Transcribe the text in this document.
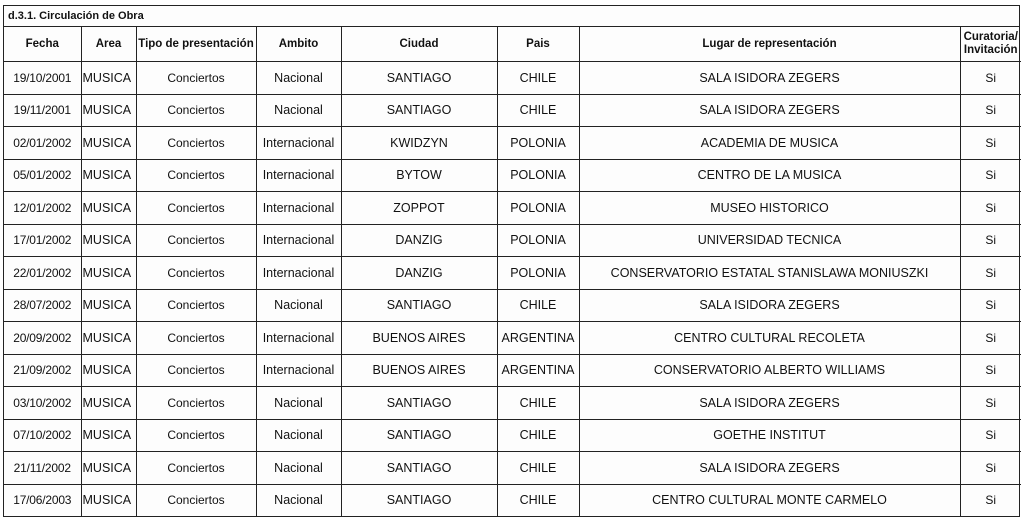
d.3.1. Circulación de Obra
Fecha	Area	Tipo de presentación	Ambito	Ciudad	Pais	Lugar de representación	Curatoria/ Invitación
19/10/2001	MUSICA	Conciertos	Nacional	SANTIAGO	CHILE	SALA ISIDORA ZEGERS	Si
19/11/2001	MUSICA	Conciertos	Nacional	SANTIAGO	CHILE	SALA ISIDORA ZEGERS	Si
02/01/2002	MUSICA	Conciertos	Internacional	KWIDZYN	POLONIA	ACADEMIA DE MUSICA	Si
05/01/2002	MUSICA	Conciertos	Internacional	BYTOW	POLONIA	CENTRO DE LA MUSICA	Si
12/01/2002	MUSICA	Conciertos	Internacional	ZOPPOT	POLONIA	MUSEO HISTORICO	Si
17/01/2002	MUSICA	Conciertos	Internacional	DANZIG	POLONIA	UNIVERSIDAD TECNICA	Si
22/01/2002	MUSICA	Conciertos	Internacional	DANZIG	POLONIA	CONSERVATORIO ESTATAL STANISLAWA MONIUSZKI	Si
28/07/2002	MUSICA	Conciertos	Nacional	SANTIAGO	CHILE	SALA ISIDORA ZEGERS	Si
20/09/2002	MUSICA	Conciertos	Internacional	BUENOS AIRES	ARGENTINA	CENTRO CULTURAL RECOLETA	Si
21/09/2002	MUSICA	Conciertos	Internacional	BUENOS AIRES	ARGENTINA	CONSERVATORIO ALBERTO WILLIAMS	Si
03/10/2002	MUSICA	Conciertos	Nacional	SANTIAGO	CHILE	SALA ISIDORA ZEGERS	Si
07/10/2002	MUSICA	Conciertos	Nacional	SANTIAGO	CHILE	GOETHE INSTITUT	Si
21/11/2002	MUSICA	Conciertos	Nacional	SANTIAGO	CHILE	SALA ISIDORA ZEGERS	Si
17/06/2003	MUSICA	Conciertos	Nacional	SANTIAGO	CHILE	CENTRO CULTURAL MONTE CARMELO	Si
